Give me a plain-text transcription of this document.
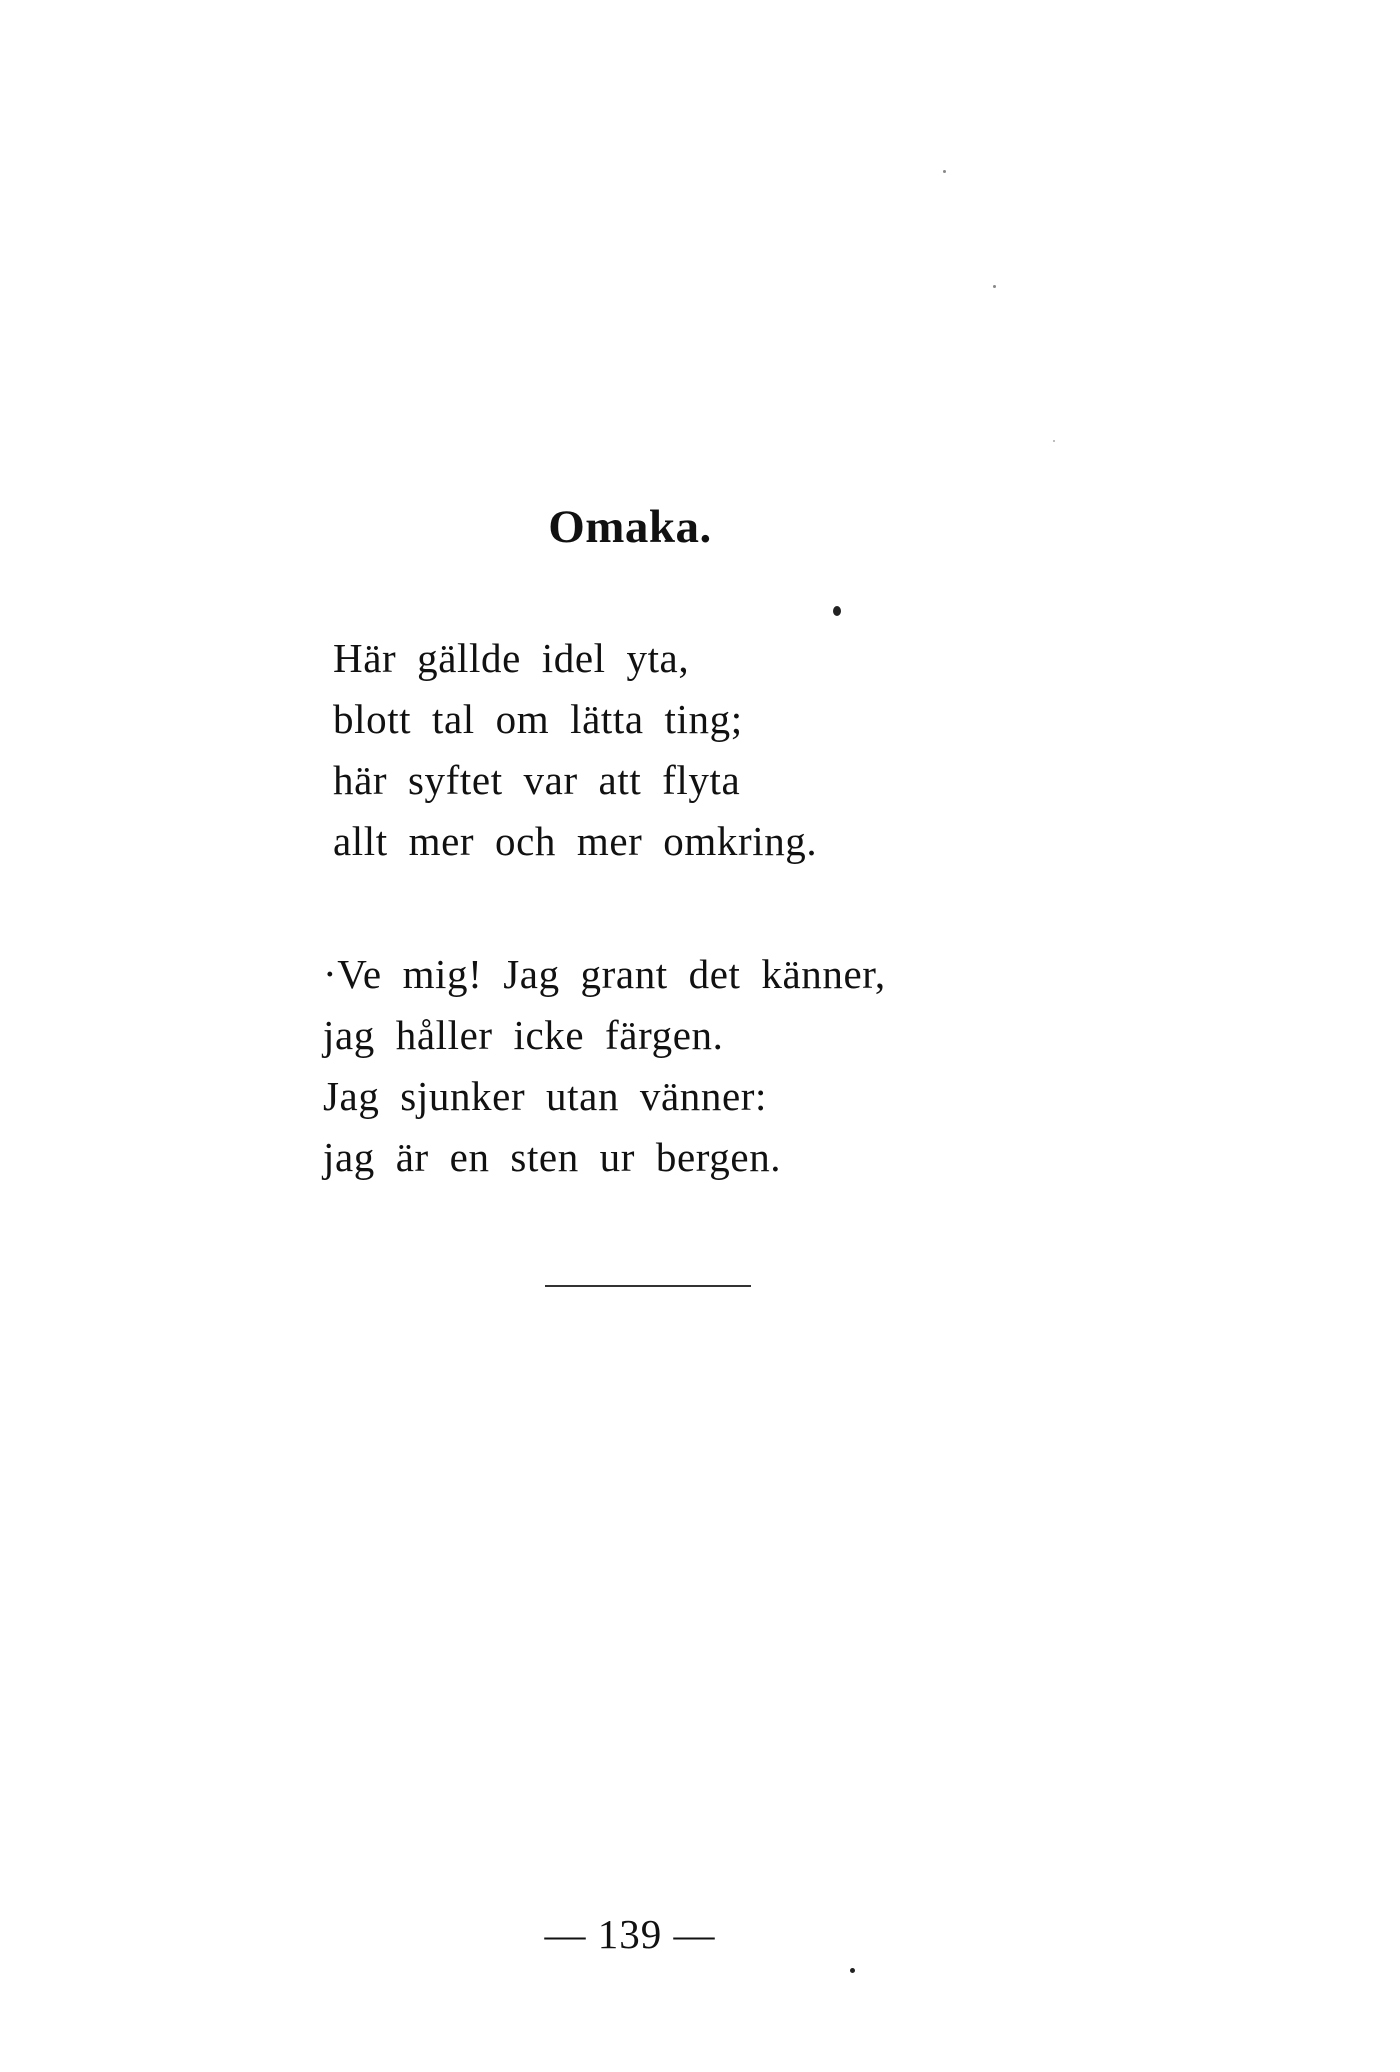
Omaka.

Här gällde idel yta,
blott tal om lätta ting;
här syftet var att flyta
allt mer och mer omkring.

·Ve mig! Jag grant det känner,
jag håller icke färgen.
Jag sjunker utan vänner:
jag är en sten ur bergen.

— 139 —
